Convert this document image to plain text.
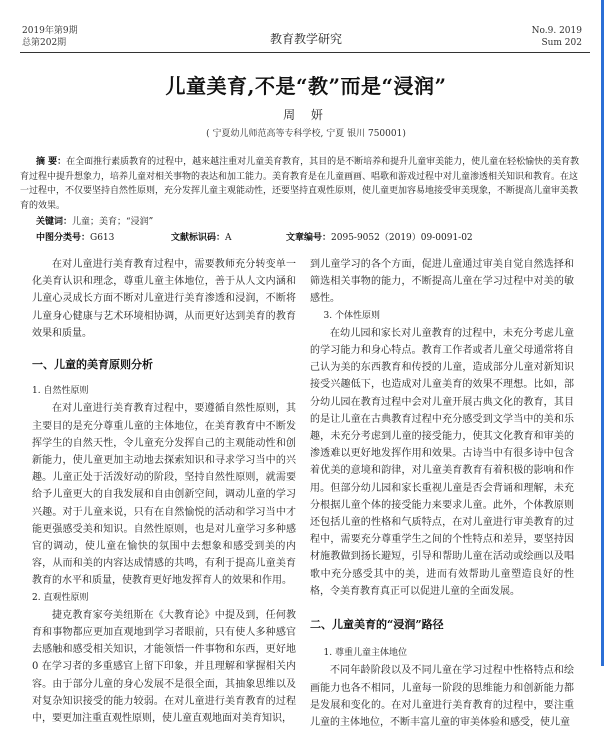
2019年第9期
总第202期	教育教学研究
No.9. 2019
Sum 202
儿童美育,不是“教”而是“浸润”
周 妍
( 宁夏幼儿师范高等专科学校, 宁夏 银川 750001)

摘 要：在全面推行素质教育的过程中，越来越注重对儿童美育教育，其目的是不断培养和提升儿童审美能力，使儿童在轻松愉快的美育教育过程中提升想象力，培养儿童对相关事物的表达和加工能力。美育教育是在儿童画画、唱歌和游戏过程中对儿童渗透相关知识和教育。在这一过程中，不仅要坚持自然性原则，充分发挥儿童主观能动性，还要坚持直观性原则，使儿童更加容易地接受审美现象，不断提高儿童审美教育的效果。

关键词：儿童；美育；“浸润”
中图分类号：G613	文献标识码：A	文章编号：2095-9052（2019）09-0091-02

在对儿童进行美育教育过程中，需要教师充分转变单一化美育认识和理念，尊重儿童主体地位，善于从人文内涵和儿童心灵成长方面不断对儿童进行美育渗透和浸润，不断将儿童身心健康与艺术环境相协调，从而更好达到美育的教育效果和质量。

一、儿童的美育原则分析
1. 自然性原则

在对儿童进行美育教育过程中，要遵循自然性原则，其主要目的是充分尊重儿童的主体地位，在美育教育中不断发挥学生的自然天性，令儿童充分发挥自己的主观能动性和创新能力，使儿童更加主动地去探索知识和寻求学习当中的兴趣。儿童正处于活泼好动的阶段，坚持自然性原则，就需要给予儿童更大的自我发展和自由创新空间，调动儿童的学习兴趣。对于儿童来说，只有在自然愉悦的活动和学习当中才能更强感受美和知识。自然性原则，也是对儿童学习多种感官的调动，使儿童在愉快的氛围中去想象和感受到美的内容，从而和美的内容达成情感的共鸣，有利于提高儿童美育教育的水平和质量，使教育更好地发挥育人的效果和作用。

2. 直观性原则

捷克教育家夸美纽斯在《大教育论》中提及到，任何教育和事物都应更加直观地到学习者眼前，只有使人多种感官去感触和感受相关知识，才能领悟一件事物和东西，更好地0 在学习者的多重感官上留下印象，并且理解和掌握相关内容。由于部分儿童的身心发展不是很全面，其抽象思维以及对复杂知识接受的能力较弱。在对儿童进行美育教育的过程中，要更加注重直观性原则，使儿童直观地面对美育知识，

到儿童学习的各个方面，促进儿童通过审美自觉自然选择和筛选相关事物的能力，不断提高儿童在学习过程中对美的敏感性。

3. 个体性原则

在幼儿园和家长对儿童教育的过程中，未充分考虑儿童的学习能力和身心特点。教育工作者或者儿童父母通常将自己认为美的东西教育和传授的儿童，造成部分儿童对新知识接受兴趣低下，也造成对儿童美育的效果不理想。比如，部分幼儿园在教育过程中会对儿童开展古典文化的教育，其目的是让儿童在古典教育过程中充分感受到文学当中的美和乐趣，未充分考虑到儿童的接受能力，使其文化教育和审美的渗透难以更好地发挥作用和效果。古诗当中有很多诗中包含着优美的意境和韵律，对儿童美育教育有着积极的影响和作用。但部分幼儿园和家长重视儿童是否会背诵和理解，未充分根据儿童个体的接受能力来要求儿童。此外，个体教原则还包括儿童的性格和气质特点，在对儿童进行审美教育的过程中，需要充分尊重学生之间的个性特点和差异，要坚持因材施教做到扬长避短，引导和帮助儿童在活动或绘画以及唱歌中充分感受其中的美，进而有效帮助儿童塑造良好的性格，令美育教育真正可以促进儿童的全面发展。

二、儿童美育的“浸润”路径
1. 尊重儿童主体地位

不同年龄阶段以及不同儿童在学习过程中性格特点和绘画能力也各不相同，儿童每一阶段的思维能力和创新能力都是发展和变化的。在对儿童进行美育教育的过程中，要注重儿童的主体地位，不断丰富儿童的审美体验和感受，使儿童
